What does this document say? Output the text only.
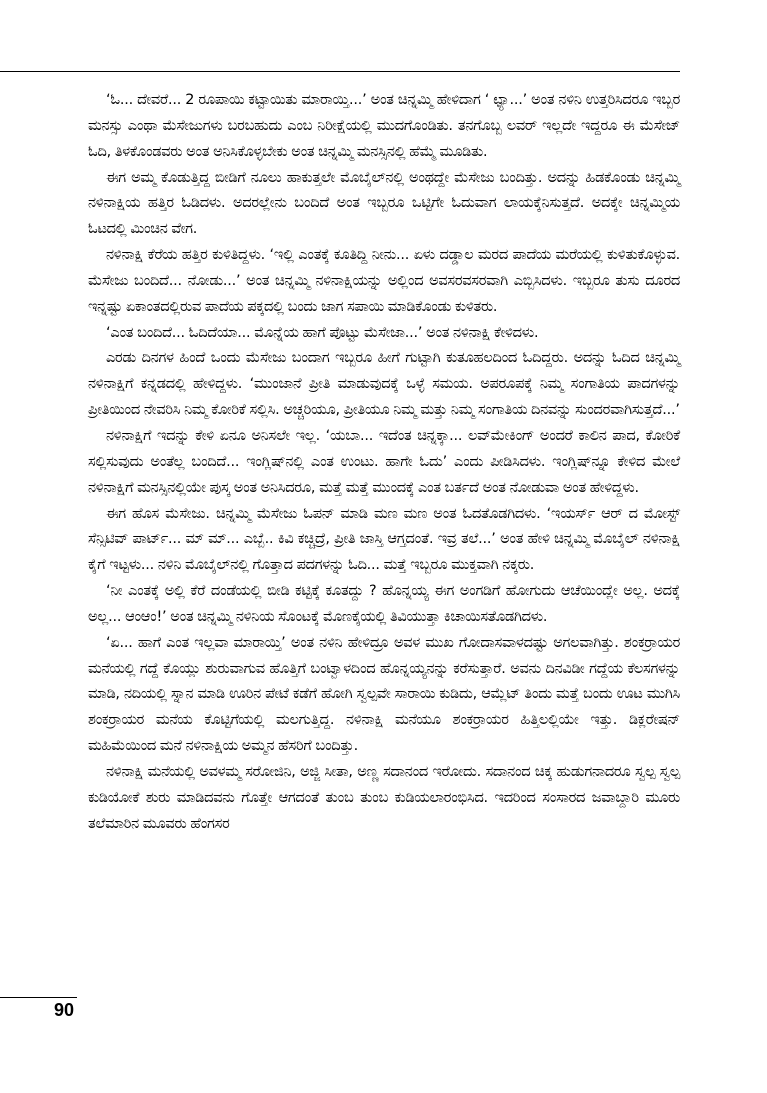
‘ಓ... ದೇವರೆ... 2 ರೂಪಾಯಿ ಕಟ್ಟಾಯಿತು ಮಾರಾಯ್ತಿ...’ ಅಂತ ಚಿನ್ನಮ್ಮಿ ಹೇಳಿದಾಗ ‘ ಛ್ಯಾ...’ ಅಂತ ನಳಿನಿ ಉತ್ತರಿಸಿದರೂ ಇಬ್ಬರ ಮನಸ್ಸು ಎಂಥಾ ಮೆಸೇಜುಗಳು ಬರಬಹುದು ಎಂಬ ನಿರೀಕ್ಷೆಯಲ್ಲಿ ಮುದಗೊಂಡಿತು. ತನಗೊಬ್ಬ ಲವರ್ ಇಲ್ಲದೇ ಇದ್ದರೂ ಈ ಮೆಸೇಜ್ ಓದಿ, ತಿಳಕೊಂಡವರು ಅಂತ ಅನಿಸಿಕೊಳ್ಳಬೇಕು ಅಂತ ಚಿನ್ನಮ್ಮಿ ಮನಸ್ಸಿನಲ್ಲಿ ಹೆಮ್ಮೆ ಮೂಡಿತು.

ಈಗ ಅಮ್ಮ ಕೊಡುತ್ತಿದ್ದ ಬೀಡಿಗೆ ನೂಲು ಹಾಕುತ್ತಲೇ ಮೊಬೈಲ್‌ನಲ್ಲಿ ಅಂಥದ್ದೇ ಮೆಸೇಜು ಬಂದಿತ್ತು. ಅದನ್ನು ಹಿಡಕೊಂಡು ಚಿನ್ನಮ್ಮಿ ನಳಿನಾಕ್ಷಿಯ ಹತ್ತಿರ ಓಡಿದಳು. ಅದರಲ್ಲೇನು ಬಂದಿದೆ ಅಂತ ಇಬ್ಬರೂ ಒಟ್ಟಿಗೇ ಓದುವಾಗ ಲಾಯಕ್ಕೆನಿಸುತ್ತದೆ. ಅದಕ್ಕೇ ಚಿನ್ನಮ್ಮಿಯ ಓಟದಲ್ಲಿ ಮಿಂಚಿನ ವೇಗ.

ನಳಿನಾಕ್ಷಿ ಕೆರೆಯ ಹತ್ತಿರ ಕುಳಿತಿದ್ದಳು. ‘ಇಲ್ಲಿ ಎಂತಕ್ಕೆ ಕೂತಿದ್ದಿ ನೀನು... ಏಳು ದಡ್ಡಾಲ ಮರದ ಪಾದೆಯ ಮರೆಯಲ್ಲಿ ಕುಳಿತುಕೊಳ್ಳುವ. ಮೆಸೇಜು ಬಂದಿದೆ... ನೋಡು...’ ಅಂತ ಚಿನ್ನಮ್ಮಿ ನಳಿನಾಕ್ಷಿಯನ್ನು ಅಲ್ಲಿಂದ ಅವಸರವಸರವಾಗಿ ಎಬ್ಬಿಸಿದಳು. ಇಬ್ಬರೂ ತುಸು ದೂರದ ಇನ್ನಷ್ಟು ಏಕಾಂತದಲ್ಲಿರುವ ಪಾದೆಯ ಪಕ್ಕದಲ್ಲಿ ಬಂದು ಜಾಗ ಸಪಾಯಿ ಮಾಡಿಕೊಂಡು ಕುಳಿತರು.

‘ಎಂತ ಬಂದಿದೆ... ಓದಿದೆಯಾ... ಮೊನ್ನೆಯ ಹಾಗೆ ಪೊಟ್ಟು ಮೆಸೇಜಾ...’ ಅಂತ ನಳಿನಾಕ್ಷಿ ಕೇಳಿದಳು.

ಎರಡು ದಿನಗಳ ಹಿಂದೆ ಒಂದು ಮೆಸೇಜು ಬಂದಾಗ ಇಬ್ಬರೂ ಹೀಗೆ ಗುಟ್ಟಾಗಿ ಕುತೂಹಲದಿಂದ ಓದಿದ್ದರು. ಅದನ್ನು ಓದಿದ ಚಿನ್ನಮ್ಮಿ ನಳಿನಾಕ್ಷಿಗೆ ಕನ್ನಡದಲ್ಲಿ ಹೇಳಿದ್ದಳು. ‘ಮುಂಜಾನೆ ಪ್ರೀತಿ ಮಾಡುವುದಕ್ಕೆ ಒಳ್ಳೆ ಸಮಯ. ಅಪರೂಪಕ್ಕೆ ನಿಮ್ಮ ಸಂಗಾತಿಯ ಪಾದಗಳನ್ನು ಪ್ರೀತಿಯಿಂದ ನೇವರಿಸಿ ನಿಮ್ಮ ಕೋರಿಕೆ ಸಲ್ಲಿಸಿ. ಅಚ್ಚರಿಯೂ, ಪ್ರೀತಿಯೂ ನಿಮ್ಮ ಮತ್ತು ನಿಮ್ಮ ಸಂಗಾತಿಯ ದಿನವನ್ನು ಸುಂದರವಾಗಿಸುತ್ತದೆ...’

ನಳಿನಾಕ್ಷಿಗೆ ಇದನ್ನು ಕೇಳಿ ಏನೂ ಅನಿಸಲೇ ಇಲ್ಲ. ‘ಯಬಾ... ಇದೆಂತ ಚಿನ್ನಕ್ಕಾ... ಲವ್‌ಮೇಕಿಂಗ್ ಅಂದರೆ ಕಾಲಿನ ಪಾದ, ಕೋರಿಕೆ ಸಲ್ಲಿಸುವುದು ಅಂತೆಲ್ಲ ಬಂದಿದೆ... ಇಂಗ್ಲಿಷ್‌ನಲ್ಲಿ ಎಂತ ಉಂಟು. ಹಾಗೇ ಓದು’ ಎಂದು ಪೀಡಿಸಿದಳು. ಇಂಗ್ಲಿಷ್‌ನ್ನೂ ಕೇಳಿದ ಮೇಲೆ ನಳಿನಾಕ್ಷಿಗೆ ಮನಸ್ಸಿನಲ್ಲಿಯೇ ಪುಸ್ಕ ಅಂತ ಅನಿಸಿದರೂ, ಮತ್ತೆ ಮತ್ತೆ ಮುಂದಕ್ಕೆ ಎಂತ ಬರ್ತದೆ ಅಂತ ನೋಡುವಾ ಅಂತ ಹೇಳಿದ್ದಳು.

ಈಗ ಹೊಸ ಮೆಸೇಜು. ಚಿನ್ನಮ್ಮಿ ಮೆಸೇಜು ಓಪನ್ ಮಾಡಿ ಮಣ ಮಣ ಅಂತ ಓದತೊಡಗಿದಳು. ‘ಇಯರ್ಸ್ ಆರ್ ದ ಮೋಸ್ಟ್ ಸೆನ್ಸಿಟಿವ್ ಪಾರ್ಟ್... ಮ್ ಮ್... ಎಬ್ಬೆ.. ಕಿವಿ ಕಚ್ಚಿದ್ರೆ, ಪ್ರೀತಿ ಜಾಸ್ತಿ ಆಗ್ತದಂತೆ. ಇವ್ರ ತಲೆ...’ ಅಂತ ಹೇಳಿ ಚಿನ್ನಮ್ಮಿ ಮೊಬೈಲ್ ನಳಿನಾಕ್ಷಿ ಕೈಗೆ ಇಟ್ಟಳು... ನಳಿನಿ ಮೊಬೈಲ್‌ನಲ್ಲಿ ಗೊತ್ತಾದ ಪದಗಳನ್ನು ಓದಿ... ಮತ್ತೆ ಇಬ್ಬರೂ ಮುಕ್ತವಾಗಿ ನಕ್ಕರು.

‘ನೀ ಎಂತಕ್ಕೆ ಅಲ್ಲಿ ಕೆರೆ ದಂಡೆಯಲ್ಲಿ ಬೀಡಿ ಕಟ್ಟಿಕ್ಕೆ ಕೂತದ್ದು ? ಹೊನ್ನಯ್ಯ ಈಗ ಅಂಗಡಿಗೆ ಹೋಗುದು ಆಚೆಯಿಂದ್ಲೇ ಅಲ್ಲ. ಅದಕ್ಕೆ ಅಲ್ಲ... ಆಂಆಂ!’ ಅಂತ ಚಿನ್ನಮ್ಮಿ ನಳಿನಿಯ ಸೊಂಟಕ್ಕೆ ಮೊಣಕೈಯಲ್ಲಿ ತಿವಿಯುತ್ತಾ ಕಿಚಾಯಿಸತೊಡಗಿದಳು.

‘ಏ... ಹಾಗೆ ಎಂತ ಇಲ್ಲವಾ ಮಾರಾಯ್ತಿ’ ಅಂತ ನಳಿನಿ ಹೇಳಿದ್ರೂ ಅವಳ ಮುಖ ಗೋದಾಸವಾಳದಷ್ಟು ಅಗಲವಾಗಿತ್ತು. ಶಂಕರ್ರಾಯರ ಮನೆಯಲ್ಲಿ ಗದ್ದೆ ಕೊಯ್ಲು ಶುರುವಾಗುವ ಹೊತ್ತಿಗೆ ಬಂಟ್ವಾಳದಿಂದ ಹೊನ್ನಯ್ಯನನ್ನು ಕರೆಸುತ್ತಾರೆ. ಅವನು ದಿನವಿಡೀ ಗದ್ದೆಯ ಕೆಲಸಗಳನ್ನು ಮಾಡಿ, ನದಿಯಲ್ಲಿ ಸ್ನಾನ ಮಾಡಿ ಊರಿನ ಪೇಟೆ ಕಡೆಗೆ ಹೋಗಿ ಸ್ವಲ್ಪವೇ ಸಾರಾಯಿ ಕುಡಿದು, ಆಮ್ಲೆಟ್ ತಿಂದು ಮತ್ತೆ ಬಂದು ಊಟ ಮುಗಿಸಿ ಶಂಕರ್ರಾಯರ ಮನೆಯ ಕೊಟ್ಟಿಗೆಯಲ್ಲಿ ಮಲಗುತ್ತಿದ್ದ. ನಳಿನಾಕ್ಷಿ ಮನೆಯೂ ಶಂಕರ್ರಾಯರ ಹಿತ್ತಿಲಲ್ಲಿಯೇ ಇತ್ತು. ಡಿಕ್ಲರೇಷನ್ ಮಹಿಮೆಯಿಂದ ಮನೆ ನಳಿನಾಕ್ಷಿಯ ಅಮ್ಮನ ಹೆಸರಿಗೆ ಬಂದಿತ್ತು.

ನಳಿನಾಕ್ಷಿ ಮನೆಯಲ್ಲಿ ಅವಳಮ್ಮ ಸರೋಜಿನಿ, ಅಜ್ಜಿ ಸೀತಾ, ಅಣ್ಣ ಸದಾನಂದ ಇರೋದು. ಸದಾನಂದ ಚಿಕ್ಕ ಹುಡುಗನಾದರೂ ಸ್ವಲ್ಪ ಸ್ವಲ್ಪ ಕುಡಿಯೋಕೆ ಶುರು ಮಾಡಿದವನು ಗೊತ್ತೇ ಆಗದಂತೆ ತುಂಬ ತುಂಬ ಕುಡಿಯಲಾರಂಭಿಸಿದ. ಇದರಿಂದ ಸಂಸಾರದ ಜವಾಬ್ದಾರಿ ಮೂರು ತಲೆಮಾರಿನ ಮೂವರು ಹೆಂಗಸರ

90
